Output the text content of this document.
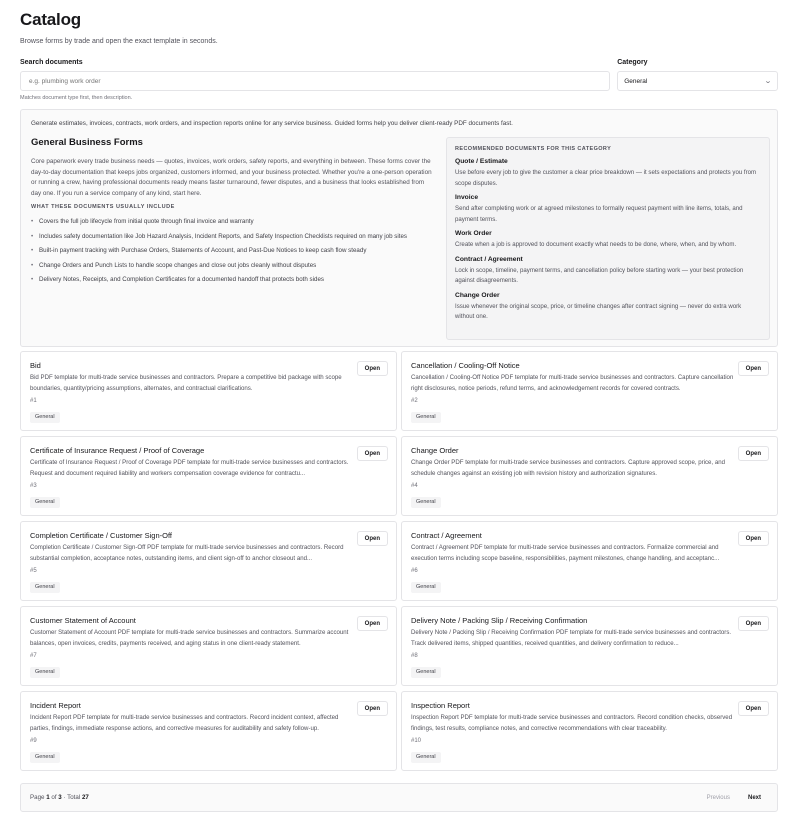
Catalog

Browse forms by trade and open the exact template in seconds.

Search documents
e.g. plumbing work order	Category
General	⌄
Matches document type first, then description.

Generate estimates, invoices, contracts, work orders, and inspection reports online for any service business. Guided forms help you deliver client-ready PDF documents fast.

General Business Forms

Core paperwork every trade business needs — quotes, invoices, work orders, safety reports, and everything in between. These forms cover the day-to-day documentation that keeps jobs organized, customers informed, and your business protected. Whether you're a one-person operation or running a crew, having professional documents ready means faster turnaround, fewer disputes, and a business that looks established from day one. If you run a service company of any kind, start here.

WHAT THESE DOCUMENTS USUALLY INCLUDE
• Covers the full job lifecycle from initial quote through final invoice and warranty
• Includes safety documentation like Job Hazard Analysis, Incident Reports, and Safety Inspection Checklists required on many job sites
• Built-in payment tracking with Purchase Orders, Statements of Account, and Past-Due Notices to keep cash flow steady
• Change Orders and Punch Lists to handle scope changes and close out jobs cleanly without disputes
• Delivery Notes, Receipts, and Completion Certificates for a documented handoff that protects both sides
RECOMMENDED DOCUMENTS FOR THIS CATEGORY
Quote / Estimate
Use before every job to give the customer a clear price breakdown — it sets expectations and protects you from scope disputes.
Invoice
Send after completing work or at agreed milestones to formally request payment with line items, totals, and payment terms.
Work Order
Create when a job is approved to document exactly what needs to be done, where, when, and by whom.
Contract / Agreement
Lock in scope, timeline, payment terms, and cancellation policy before starting work — your best protection against disagreements.
Change Order
Issue whenever the original scope, price, or timeline changes after contract signing — never do extra work without one.
Bid
Bid PDF template for multi-trade service businesses and contractors. Prepare a competitive bid package with scope boundaries, quantity/pricing assumptions, alternates, and contractual clarifications.
#1
General
Open	Cancellation / Cooling-Off Notice
Cancellation / Cooling-Off Notice PDF template for multi-trade service businesses and contractors. Capture cancellation right disclosures, notice periods, refund terms, and acknowledgement records for covered contracts.
#2
General
Open
Certificate of Insurance Request / Proof of Coverage
Certificate of Insurance Request / Proof of Coverage PDF template for multi-trade service businesses and contractors. Request and document required liability and workers compensation coverage evidence for contractu...
#3
General
Open	Change Order
Change Order PDF template for multi-trade service businesses and contractors. Capture approved scope, price, and schedule changes against an existing job with revision history and authorization signatures.
#4
General
Open
Completion Certificate / Customer Sign-Off
Completion Certificate / Customer Sign-Off PDF template for multi-trade service businesses and contractors. Record substantial completion, acceptance notes, outstanding items, and client sign-off to anchor closeout and...
#5
General
Open	Contract / Agreement
Contract / Agreement PDF template for multi-trade service businesses and contractors. Formalize commercial and execution terms including scope baseline, responsibilities, payment milestones, change handling, and acceptanc...
#6
General
Open
Customer Statement of Account
Customer Statement of Account PDF template for multi-trade service businesses and contractors. Summarize account balances, open invoices, credits, payments received, and aging status in one client-ready statement.
#7
General
Open	Delivery Note / Packing Slip / Receiving Confirmation
Delivery Note / Packing Slip / Receiving Confirmation PDF template for multi-trade service businesses and contractors. Track delivered items, shipped quantities, received quantities, and delivery confirmation to reduce...
#8
General
Open
Incident Report
Incident Report PDF template for multi-trade service businesses and contractors. Record incident context, affected parties, findings, immediate response actions, and corrective measures for auditability and safety follow-up.
#9
General
Open	Inspection Report
Inspection Report PDF template for multi-trade service businesses and contractors. Record condition checks, observed findings, test results, compliance notes, and corrective recommendations with clear traceability.
#10
General
Open
Page 1 of 3 · Total 27	Previous	Next
